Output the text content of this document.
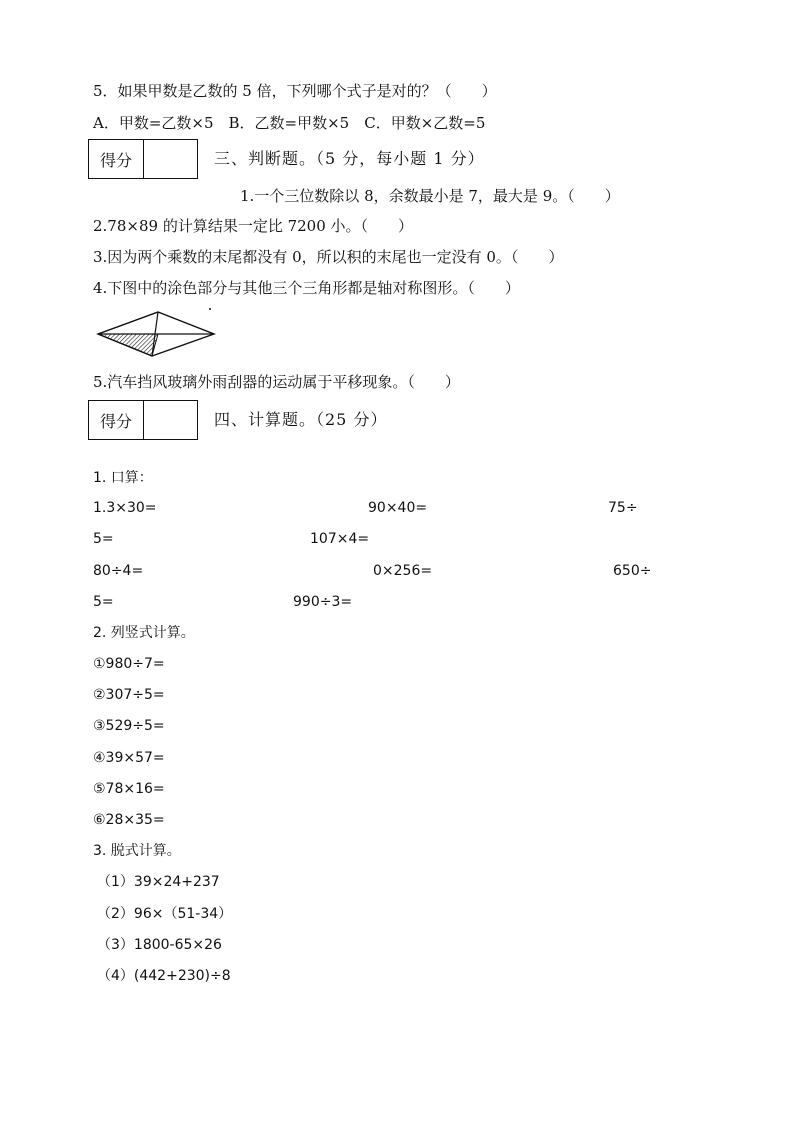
5．如果甲数是乙数的 5 倍，下列哪个式子是对的？（　　）
A．甲数=乙数×5　B．乙数=甲数×5　C．甲数×乙数=5
得分	三、判断题。（5 分，每小题 1 分）
1.一个三位数除以 8，余数最小是 7，最大是 9。（　　）
2.78×89 的计算结果一定比 7200 小。（　　）
3.因为两个乘数的末尾都没有 0，所以积的末尾也一定没有 0。（　　）
4.下图中的涂色部分与其他三个三角形都是轴对称图形。（　　）
5.汽车挡风玻璃外雨刮器的运动属于平移现象。（　　）
得分	四、计算题。（25 分）
1. 口算：
1.3×30=	90×40=	75÷
5=	107×4=
80÷4=	0×256=	650÷
5=	990÷3=
2. 列竖式计算。
①980÷7=
②307÷5=
③529÷5=
④39×57=
⑤78×16=
⑥28×35=
3. 脱式计算。
（1）39×24+237
（2）96×（51-34）
（3）1800-65×26
（4）(442+230)÷8
